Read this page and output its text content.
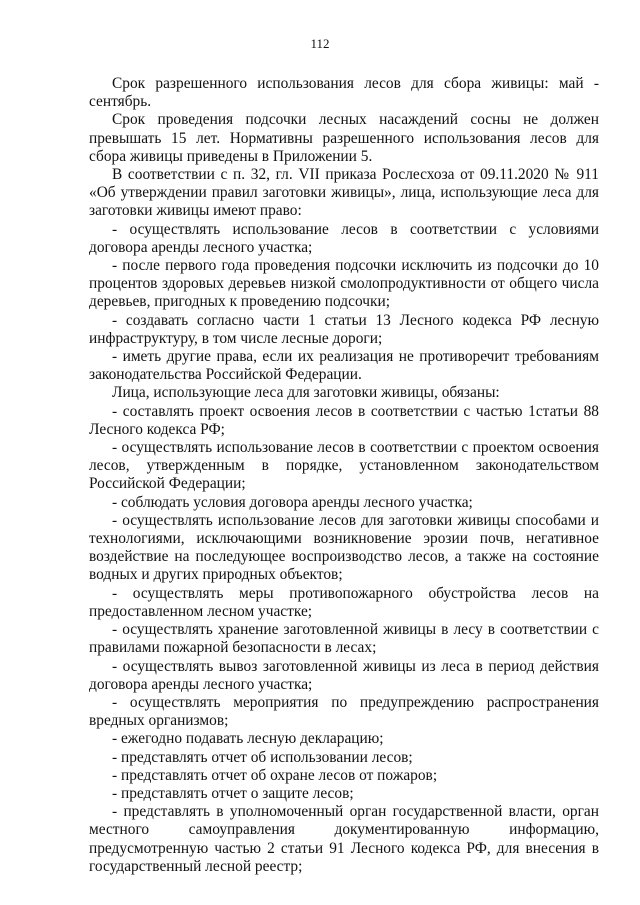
112

Срок разрешенного использования лесов для сбора живицы: май - сентябрь.

Срок проведения подсочки лесных насаждений сосны не должен превышать 15 лет. Нормативны разрешенного использования лесов для сбора живицы приведены в Приложении 5.

В соответствии с п. 32, гл. VII приказа Рослесхоза от 09.11.2020 № 911 «Об утверждении правил заготовки живицы», лица, использующие леса для заготовки живицы имеют право:

- осуществлять использование лесов в соответствии с условиями договора аренды лесного участка;

- после первого года проведения подсочки исключить из подсочки до 10 процентов здоровых деревьев низкой смолопродуктивности от общего числа деревьев, пригодных к проведению подсочки;

- создавать согласно части 1 статьи 13 Лесного кодекса РФ лесную инфраструктуру, в том числе лесные дороги;

- иметь другие права, если их реализация не противоречит требованиям законодательства Российской Федерации.

Лица, использующие леса для заготовки живицы, обязаны:

- составлять проект освоения лесов в соответствии с частью 1статьи 88 Лесного кодекса РФ;

- осуществлять использование лесов в соответствии с проектом освоения лесов, утвержденным в порядке, установленном законодательством Российской Федерации;

- соблюдать условия договора аренды лесного участка;

- осуществлять использование лесов для заготовки живицы способами и технологиями, исключающими возникновение эрозии почв, негативное воздействие на последующее воспроизводство лесов, а также на состояние водных и других природных объектов;

- осуществлять меры противопожарного обустройства лесов на предоставленном лесном участке;

- осуществлять хранение заготовленной живицы в лесу в соответствии с правилами пожарной безопасности в лесах;

- осуществлять вывоз заготовленной живицы из леса в период действия договора аренды лесного участка;

- осуществлять мероприятия по предупреждению распространения вредных организмов;

- ежегодно подавать лесную декларацию;

- представлять отчет об использовании лесов;

- представлять отчет об охране лесов от пожаров;

- представлять отчет о защите лесов;

- представлять в уполномоченный орган государственной власти, орган местного самоуправления документированную информацию, предусмотренную частью 2 статьи 91 Лесного кодекса РФ, для внесения в государственный лесной реестр;
